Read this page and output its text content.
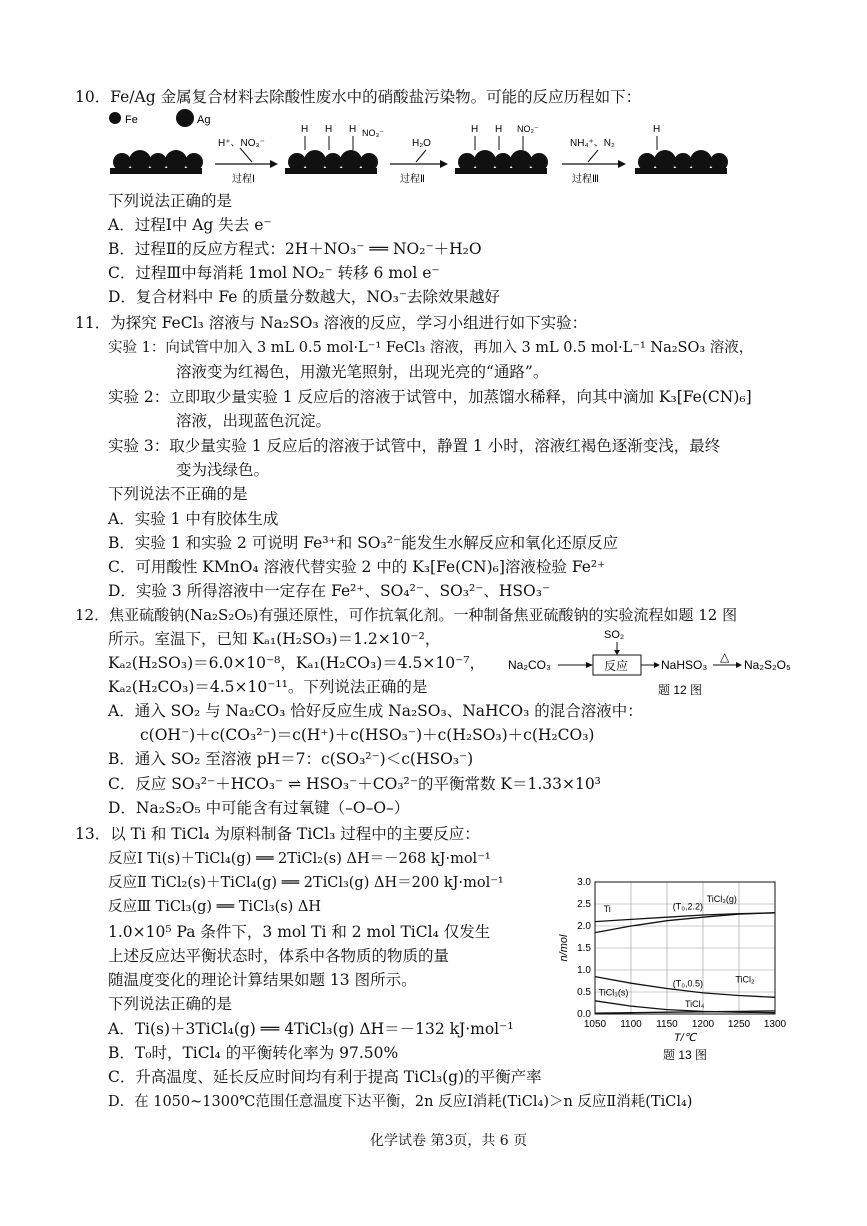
10．Fe/Ag 金属复合材料去除酸性废水中的硝酸盐污染物。可能的反应历程如下：
Fe	Ag
H⁺、NO₃⁻
过程Ⅰ
H H H NO₃⁻
H₂O
过程Ⅱ
H H NO₂⁻
NH₄⁺、N₂
过程Ⅲ
H
下列说法正确的是
A．过程Ⅰ中 Ag 失去 e⁻
B．过程Ⅱ的反应方程式：2H＋NO₃⁻ ══ NO₂⁻＋H₂O
C．过程Ⅲ中每消耗 1mol NO₂⁻ 转移 6 mol e⁻
D．复合材料中 Fe 的质量分数越大，NO₃⁻去除效果越好
11．为探究 FeCl₃ 溶液与 Na₂SO₃ 溶液的反应，学习小组进行如下实验：
实验 1：向试管中加入 3 mL 0.5 mol·L⁻¹ FeCl₃ 溶液，再加入 3 mL 0.5 mol·L⁻¹ Na₂SO₃ 溶液，
溶液变为红褐色，用激光笔照射，出现光亮的“通路”。
实验 2：立即取少量实验 1 反应后的溶液于试管中，加蒸馏水稀释，向其中滴加 K₃[Fe(CN)₆]
溶液，出现蓝色沉淀。
实验 3：取少量实验 1 反应后的溶液于试管中，静置 1 小时，溶液红褐色逐渐变浅，最终
变为浅绿色。
下列说法不正确的是
A．实验 1 中有胶体生成
B．实验 1 和实验 2 可说明 Fe³⁺和 SO₃²⁻能发生水解反应和氧化还原反应
C．可用酸性 KMnO₄ 溶液代替实验 2 中的 K₃[Fe(CN)₆]溶液检验 Fe²⁺
D．实验 3 所得溶液中一定存在 Fe²⁺、SO₄²⁻、SO₃²⁻、HSO₃⁻
12．焦亚硫酸钠(Na₂S₂O₅)有强还原性，可作抗氧化剂。一种制备焦亚硫酸钠的实验流程如题 12 图
所示。室温下，已知 Kₐ₁(H₂SO₃)＝1.2×10⁻²，
Kₐ₂(H₂SO₃)＝6.0×10⁻⁸，Kₐ₁(H₂CO₃)＝4.5×10⁻⁷，
Kₐ₂(H₂CO₃)＝4.5×10⁻¹¹。下列说法正确的是
Na₂CO₃	反应
SO₂
NaHSO₃
△
Na₂S₂O₅
题 12 图
A．通入 SO₂ 与 Na₂CO₃ 恰好反应生成 Na₂SO₃、NaHCO₃ 的混合溶液中：
c(OH⁻)＋c(CO₃²⁻)＝c(H⁺)＋c(HSO₃⁻)＋c(H₂SO₃)＋c(H₂CO₃)
B．通入 SO₂ 至溶液 pH＝7：c(SO₃²⁻)＜c(HSO₃⁻)
C．反应 SO₃²⁻＋HCO₃⁻ ⇌ HSO₃⁻＋CO₃²⁻的平衡常数 K＝1.33×10³
D．Na₂S₂O₅ 中可能含有过氧键（–O–O–）
13．以 Ti 和 TiCl₄ 为原料制备 TiCl₃ 过程中的主要反应：
反应Ⅰ Ti(s)＋TiCl₄(g) ══ 2TiCl₂(s) ΔH＝－268 kJ·mol⁻¹
反应Ⅱ TiCl₂(s)＋TiCl₄(g) ══ 2TiCl₃(g) ΔH＝200 kJ·mol⁻¹
反应Ⅲ TiCl₃(g) ══ TiCl₃(s) ΔH
1.0×10⁵ Pa 条件下，3 mol Ti 和 2 mol TiCl₄ 仅发生
上述反应达平衡状态时，体系中各物质的物质的量
随温度变化的理论计算结果如题 13 图所示。
下列说法正确的是
A．Ti(s)＋3TiCl₄(g) ══ 4TiCl₃(g) ΔH＝－132 kJ·mol⁻¹
B．T₀时，TiCl₄ 的平衡转化率为 97.50%
C．升高温度、延长反应时间均有利于提高 TiCl₃(g)的平衡产率
D．在 1050~1300℃范围任意温度下达平衡，2n 反应Ⅰ消耗(TiCl₄)＞n 反应Ⅱ消耗(TiCl₄)
1050 1100 1150 1200 1250 1300
0.0
0.5
1.0
1.5
2.0
2.5
3.0
T/℃
n/mol
TiCl₃(g)
Ti
TiCl₂
TiCl₃(s)
TiCl₄
(T₀,2.2)
(T₀,0.5)
题 13 图
化学试卷 第3页，共 6 页
